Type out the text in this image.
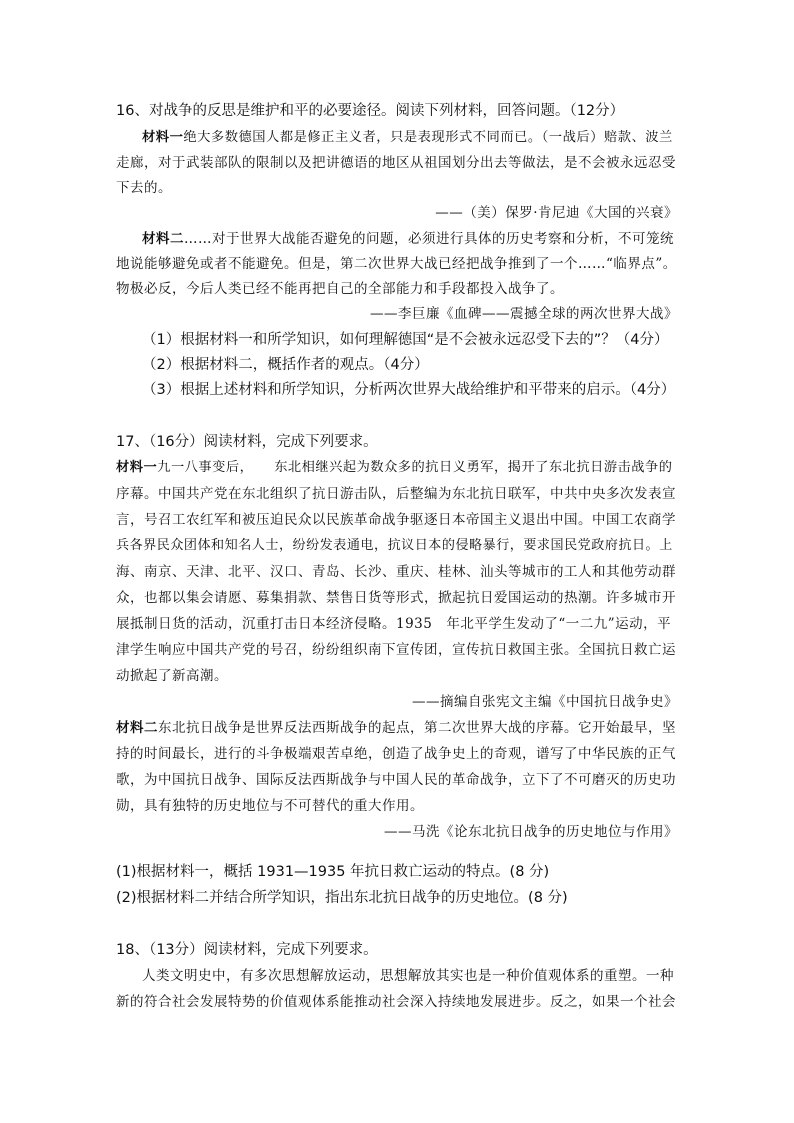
16、对战争的反思是维护和平的必要途径。阅读下列材料，回答问题。（12分）
材料一绝大多数德国人都是修正主义者，只是表现形式不同而已。（一战后）赔款、波兰
走廊，对于武装部队的限制以及把讲德语的地区从祖国划分出去等做法，是不会被永远忍受
下去的。
——（美）保罗·肯尼迪《大国的兴衰》
材料二……对于世界大战能否避免的问题，必须进行具体的历史考察和分析，不可笼统
地说能够避免或者不能避免。但是，第二次世界大战已经把战争推到了一个……“临界点”。
物极必反，今后人类已经不能再把自己的全部能力和手段都投入战争了。
——李巨廉《血碑——震撼全球的两次世界大战》
（1）根据材料一和所学知识，如何理解德国“是不会被永远忍受下去的”？（4分）
（2）根据材料二，概括作者的观点。（4分）
（3）根据上述材料和所学知识，分析两次世界大战给维护和平带来的启示。（4分）
17、（16分）阅读材料，完成下列要求。
材料一九一八事变后，　　东北相继兴起为数众多的抗日义勇军，揭开了东北抗日游击战争的
序幕。中国共产党在东北组织了抗日游击队，后整编为东北抗日联军，中共中央多次发表宣
言，号召工农红军和被压迫民众以民族革命战争驱逐日本帝国主义退出中国。中国工农商学
兵各界民众团体和知名人士，纷纷发表通电，抗议日本的侵略暴行，要求国民党政府抗日。上
海、南京、天津、北平、汉口、青岛、长沙、重庆、桂林、汕头等城市的工人和其他劳动群
众，也都以集会请愿、募集捐款、禁售日货等形式，掀起抗日爱国运动的热潮。许多城市开
展抵制日货的活动，沉重打击日本经济侵略。1935　年北平学生发动了“一二九”运动，平
津学生响应中国共产党的号召，纷纷组织南下宣传团，宣传抗日救国主张。全国抗日救亡运
动掀起了新高潮。
——摘编自张宪文主编《中国抗日战争史》
材料二东北抗日战争是世界反法西斯战争的起点，第二次世界大战的序幕。它开始最早，坚
持的时间最长，进行的斗争极端艰苦卓绝，创造了战争史上的奇观，谱写了中华民族的正气
歌，为中国抗日战争、国际反法西斯战争与中国人民的革命战争，立下了不可磨灭的历史功
勋，具有独特的历史地位与不可替代的重大作用。
——马洗《论东北抗日战争的历史地位与作用》
(1)根据材料一，概括 1931—1935 年抗日救亡运动的特点。(8 分)
(2)根据材料二并结合所学知识，指出东北抗日战争的历史地位。(8 分)
18、（13分）阅读材料，完成下列要求。
人类文明史中，有多次思想解放运动，思想解放其实也是一种价值观体系的重塑。一种
新的符合社会发展特势的价值观体系能推动社会深入持续地发展进步。反之，如果一个社会
